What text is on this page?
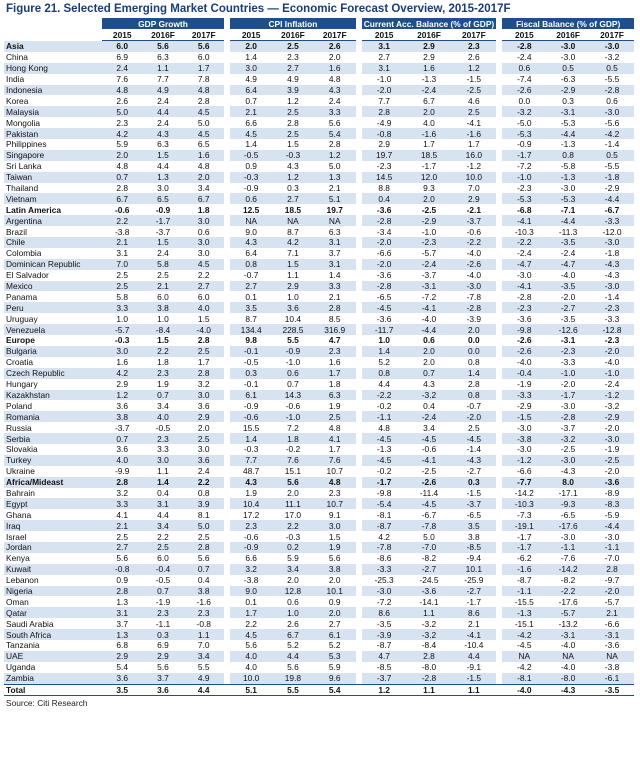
Figure 21. Selected Emerging Market Countries — Economic Forecast Overview, 2015-2017F
	GDP Growth				CPI Inflation				Current Acc. Balance (% of GDP)				Fiscal Balance (% of GDP)		
	2015	2016F	2017F		2015	2016F	2017F		2015	2016F	2017F		2015	2016F	2017F
Asia	6.0	5.6	5.6		2.0	2.5	2.6		3.1	2.9	2.3		-2.8	-3.0	-3.0
China	6.9	6.3	6.0		1.4	2.3	2.0		2.7	2.9	2.6		-2.4	-3.0	-3.2
Hong Kong	2.4	1.1	1.7		3.0	2.7	1.6		3.1	1.6	1.2		0.6	0.5	0.5
India	7.6	7.7	7.8		4.9	4.9	4.8		-1.0	-1.3	-1.5		-7.4	-6.3	-5.5
Indonesia	4.8	4.9	4.8		6.4	3.9	4.3		-2.0	-2.4	-2.5		-2.6	-2.9	-2.8
Korea	2.6	2.4	2.8		0.7	1.2	2.4		7.7	6.7	4.6		0.0	0.3	0.6
Malaysia	5.0	4.4	4.5		2.1	2.5	3.3		2.8	2.0	2.5		-3.2	-3.1	-3.0
Mongolia	2.3	2.4	5.0		6.6	2.8	5.6		-4.9	4.0	-4.1		-5.0	-5.3	-5.6
Pakistan	4.2	4.3	4.5		4.5	2.5	5.4		-0.8	-1.6	-1.6		-5.3	-4.4	-4.2
Philippines	5.9	6.3	6.5		1.4	1.5	2.8		2.9	1.7	1.7		-0.9	-1.3	-1.4
Singapore	2.0	1.5	1.6		-0.5	-0.3	1.2		19.7	18.5	16.0		-1.7	0.8	0.5
Sri Lanka	4.8	4.4	4.8		0.9	4.3	5.0		-2.3	-1.7	-1.2		-7.2	-5.8	-5.5
Taiwan	0.7	1.3	2.0		-0.3	1.2	1.3		14.5	12.0	10.0		-1.0	-1.3	-1.8
Thailand	2.8	3.0	3.4		-0.9	0.3	2.1		8.8	9.3	7.0		-2.3	-3.0	-2.9
Vietnam	6.7	6.5	6.7		0.6	2.7	5.1		0.4	2.0	2.9		-5.3	-5.3	-4.4
Latin America	-0.6	-0.9	1.8		12.5	18.5	19.7		-3.6	-2.5	-2.1		-6.8	-7.1	-6.7
Argentina	2.2	-1.7	3.0		NA	NA	NA		-2.8	-2.9	-3.7		-4.1	-4.4	-3.3
Brazil	-3.8	-3.7	0.6		9.0	8.7	6.3		-3.4	-1.0	-0.6		-10.3	-11.3	-12.0
Chile	2.1	1.5	3.0		4.3	4.2	3.1		-2.0	-2.3	-2.2		-2.2	-3.5	-3.0
Colombia	3.1	2.4	3.0		6.4	7.1	3.7		-6.6	-5.7	-4.0		-2.4	-2.4	-1.8
Dominican Republic	7.0	5.8	4.5		0.8	1.5	3.1		-2.0	-2.4	-2.6		-4.7	-4.7	-4.3
El Salvador	2.5	2.5	2.2		-0.7	1.1	1.4		-3.6	-3.7	-4.0		-3.0	-4.0	-4.3
Mexico	2.5	2.1	2.7		2.7	2.9	3.3		-2.8	-3.1	-3.0		-4.1	-3.5	-3.0
Panama	5.8	6.0	6.0		0.1	1.0	2.1		-6.5	-7.2	-7.8		-2.8	-2.0	-1.4
Peru	3.3	3.8	4.0		3.5	3.6	2.8		-4.5	-4.1	-2.8		-2.3	-2.7	-2.3
Uruguay	1.0	1.0	1.5		8.7	10.4	8.5		-3.6	-4.0	-3.9		-3.6	-3.5	-3.3
Venezuela	-5.7	-8.4	-4.0		134.4	228.5	316.9		-11.7	-4.4	2.0		-9.8	-12.6	-12.8
Europe	-0.3	1.5	2.8		9.8	5.5	4.7		1.0	0.6	0.0		-2.6	-3.1	-2.3
Bulgaria	3.0	2.2	2.5		-0.1	-0.9	2.3		1.4	2.0	0.0		-2.6	-2.3	-2.0
Croatia	1.6	1.8	1.7		-0.5	-1.0	1.6		5.2	2.0	0.8		-4.0	-3.3	-4.0
Czech Republic	4.2	2.3	2.8		0.3	0.6	1.7		0.8	0.7	1.4		-0.4	-1.0	-1.0
Hungary	2.9	1.9	3.2		-0.1	0.7	1.8		4.4	4.3	2.8		-1.9	-2.0	-2.4
Kazakhstan	1.2	0.7	3.0		6.1	14.3	6.3		-2.2	-3.2	0.8		-3.3	-1.7	-1.2
Poland	3.6	3.4	3.6		-0.9	-0.6	1.9		-0.2	0.4	-0.7		-2.9	-3.0	-3.2
Romania	3.8	4.0	2.9		-0.6	-1.0	2.5		-1.1	-2.4	-2.0		-1.5	-2.8	-2.9
Russia	-3.7	-0.5	2.0		15.5	7.2	4.8		4.8	3.4	2.5		-3.0	-3.7	-2.0
Serbia	0.7	2.3	2.5		1.4	1.8	4.1		-4.5	-4.5	-4.5		-3.8	-3.2	-3.0
Slovakia	3.6	3.3	3.0		-0.3	-0.2	1.7		-1.3	-0.6	-1.4		-3.0	-2.5	-1.9
Turkey	4.0	3.0	3.6		7.7	7.6	7.6		-4.5	-4.1	-4.3		-1.2	-3.0	-2.5
Ukraine	-9.9	1.1	2.4		48.7	15.1	10.7		-0.2	-2.5	-2.7		-6.6	-4.3	-2.0
Africa/Mideast	2.8	1.4	2.2		4.3	5.6	4.8		-1.7	-2.6	0.3		-7.7	8.0	-3.6
Bahrain	3.2	0.4	0.8		1.9	2.0	2.3		-9.8	-11.4	-1.5		-14.2	-17.1	-8.9
Egypt	3.3	3.1	3.9		10.4	11.1	10.7		-5.4	-4.5	-3.7		-10.3	-9.3	-8.3
Ghana	4.1	4.4	8.1		17.2	17.0	9.1		-8.1	-6.7	-6.5		-7.3	-6.5	-5.9
Iraq	2.1	3.4	5.0		2.3	2.2	3.0		-8.7	-7.8	3.5		-19.1	-17.6	-4.4
Israel	2.5	2.2	2.5		-0.6	-0.3	1.5		4.2	5.0	3.8		-1.7	-3.0	-3.0
Jordan	2.7	2.5	2.8		-0.9	0.2	1.9		-7.8	-7.0	-8.5		-1.7	-1.1	-1.1
Kenya	5.6	6.0	5.6		6.6	5.9	5.6		-8.6	-8.2	-9.4		-6.2	-7.6	-7.0
Kuwait	-0.8	-0.4	0.7		3.2	3.4	3.8		-3.3	-2.7	10.1		-1.6	-14.2	2.8
Lebanon	0.9	-0.5	0.4		-3.8	2.0	2.0		-25.3	-24.5	-25.9		-8.7	-8.2	-9.7
Nigeria	2.8	0.7	3.8		9.0	12.8	10.1		-3.0	-3.6	-2.7		-1.1	-2.2	-2.0
Oman	1.3	-1.9	-1.6		0.1	0.6	0.9		-7.2	-14.1	-1.7		-15.5	-17.6	-5.7
Qatar	3.1	2.3	2.3		1.7	1.0	2.0		8.6	1.1	8.6		-1.3	-5.7	2.1
Saudi Arabia	3.7	-1.1	-0.8		2.2	2.6	2.7		-3.5	-3.2	2.1		-15.1	-13.2	-6.6
South Africa	1.3	0.3	1.1		4.5	6.7	6.1		-3.9	-3.2	-4.1		-4.2	-3.1	-3.1
Tanzania	6.8	6.9	7.0		5.6	5.2	5.2		-8.7	-8.4	-10.4		-4.5	-4.0	-3.6
UAE	2.9	2.9	3.4		4.0	4.4	5.3		4.7	2.8	4.4		NA	NA	NA
Uganda	5.4	5.6	5.5		4.0	5.6	5.9		-8.5	-8.0	-9.1		-4.2	-4.0	-3.8
Zambia	3.6	3.7	4.9		10.0	19.8	9.6		-3.7	-2.8	-1.5		-8.1	-8.0	-6.1
Total	3.5	3.6	4.4		5.1	5.5	5.4		1.2	1.1	1.1		-4.0	-4.3	-3.5
Source: Citi Research
